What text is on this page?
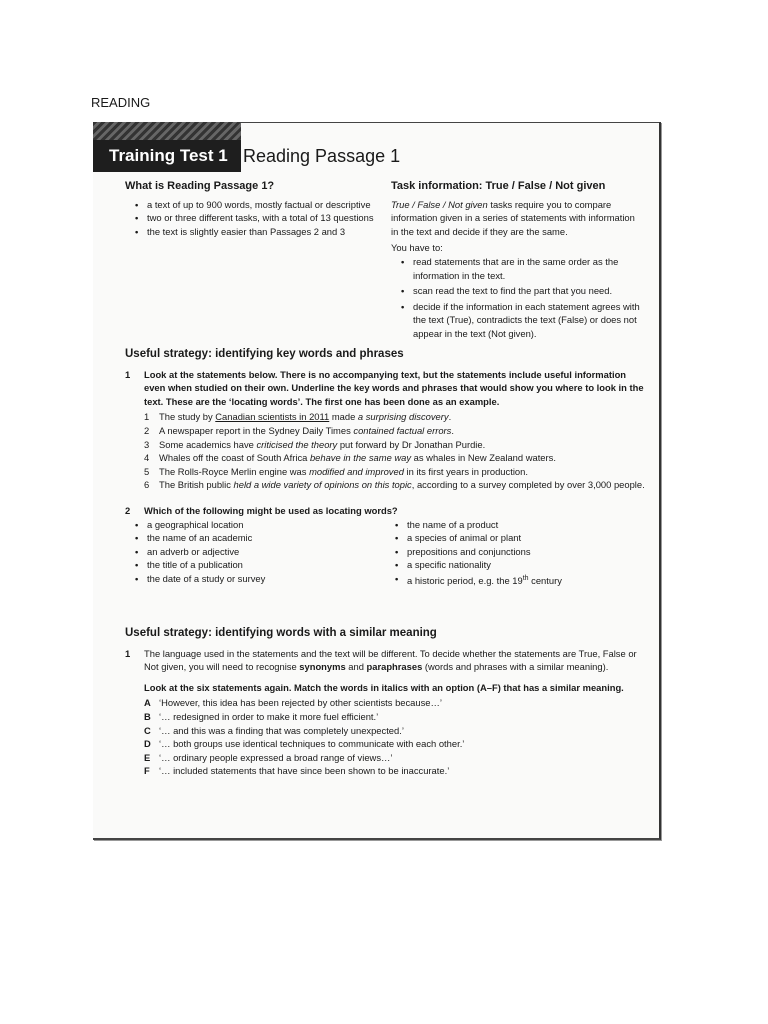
READING
Training Test 1 Reading Passage 1
What is Reading Passage 1?
• a text of up to 900 words, mostly factual or descriptive
• two or three different tasks, with a total of 13 questions
• the text is slightly easier than Passages 2 and 3
Task information: True / False / Not given
True / False / Not given tasks require you to compare information given in a series of statements with information in the text and decide if they are the same.
You have to:
• read statements that are in the same order as the information in the text.
• scan read the text to find the part that you need.
• decide if the information in each statement agrees with the text (True), contradicts the text (False) or does not appear in the text (Not given).
Useful strategy: identifying key words and phrases
1 Look at the statements below. There is no accompanying text, but the statements include useful information even when studied on their own. Underline the key words and phrases that would show you where to look in the text. These are the ‘locating words’. The first one has been done as an example.
1	The study by Canadian scientists in 2011 made a surprising discovery.
2	A newspaper report in the Sydney Daily Times contained factual errors.
3	Some academics have criticised the theory put forward by Dr Jonathan Purdie.
4	Whales off the coast of South Africa behave in the same way as whales in New Zealand waters.
5	The Rolls-Royce Merlin engine was modified and improved in its first years in production.
6	The British public held a wide variety of opinions on this topic, according to a survey completed by over 3,000 people.
2 Which of the following might be used as locating words?
• a geographical location
• the name of an academic
• an adverb or adjective
• the title of a publication
• the date of a study or survey
• the name of a product
• a species of animal or plant
• prepositions and conjunctions
• a specific nationality
• a historic period, e.g. the 19th century
Useful strategy: identifying words with a similar meaning
1 The language used in the statements and the text will be different. To decide whether the statements are True, False or Not given, you will need to recognise synonyms and paraphrases (words and phrases with a similar meaning).
Look at the six statements again. Match the words in italics with an option (A–F) that has a similar meaning.
A ‘However, this idea has been rejected by other scientists because…’
B ‘… redesigned in order to make it more fuel efficient.’
C ‘… and this was a finding that was completely unexpected.’
D ‘… both groups use identical techniques to communicate with each other.’
E ‘… ordinary people expressed a broad range of views…’
F ‘… included statements that have since been shown to be inaccurate.’
